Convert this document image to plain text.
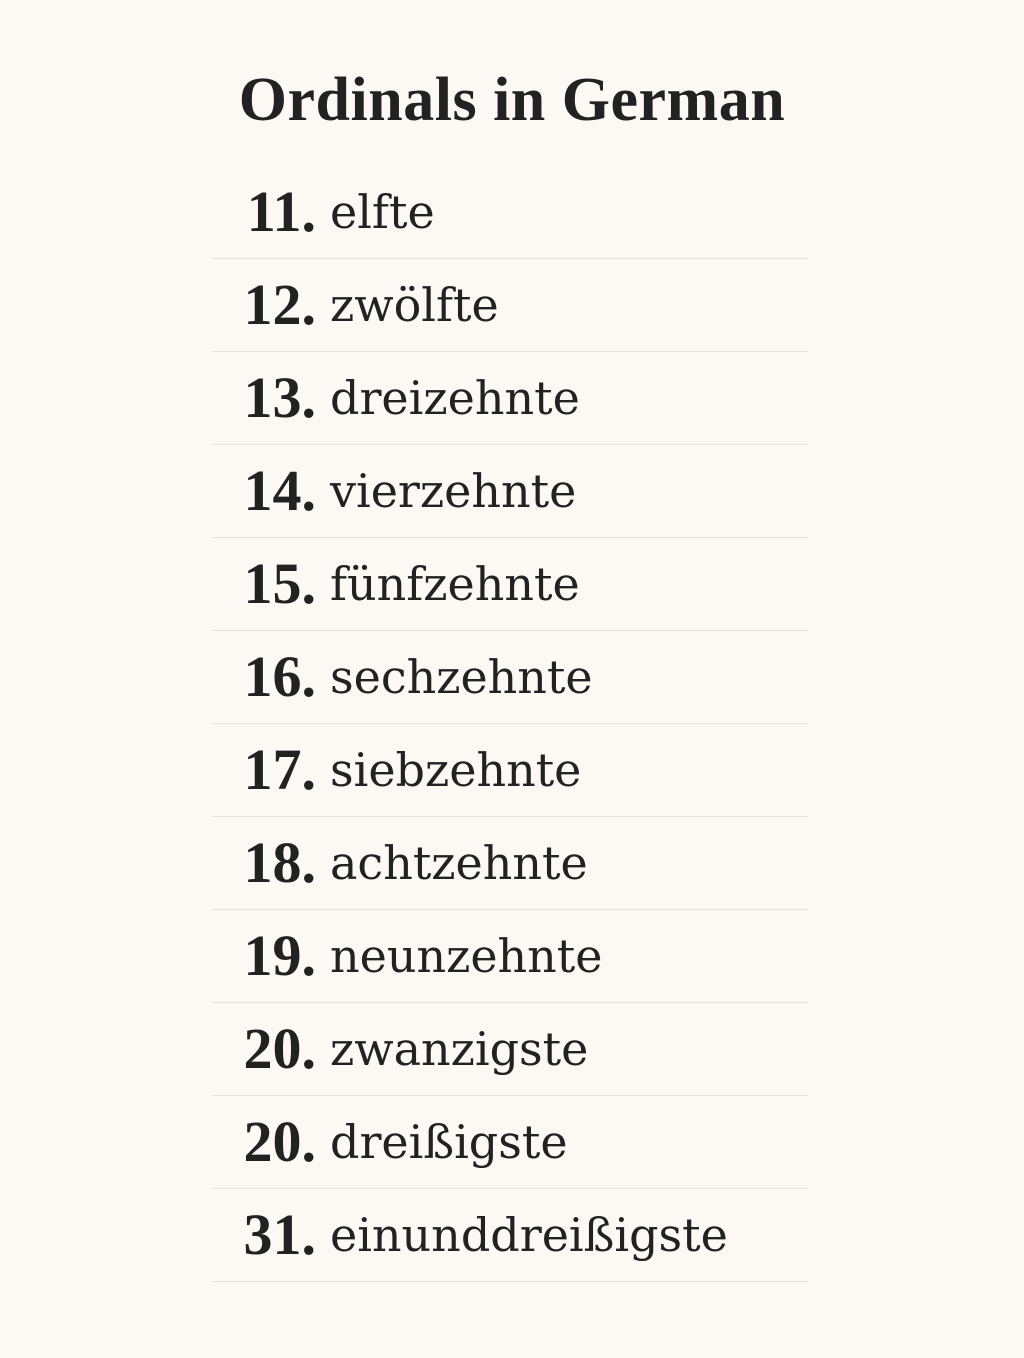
Ordinals in German
11. elfte
12. zwölfte
13. dreizehnte
14. vierzehnte
15. fünfzehnte
16. sechzehnte
17. siebzehnte
18. achtzehnte
19. neunzehnte
20. zwanzigste
20. dreißigste
31. einunddreißigste
